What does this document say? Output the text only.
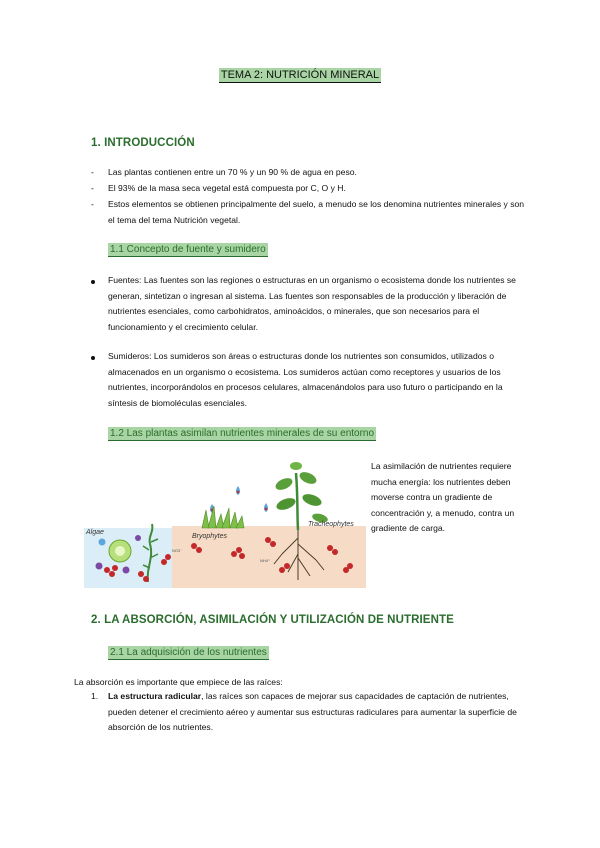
TEMA 2: NUTRICIÓN MINERAL
1. INTRODUCCIÓN
- Las plantas contienen entre un 70 % y un 90 % de agua en peso.
- El 93% de la masa seca vegetal está compuesta por C, O y H.
- Estos elementos se obtienen principalmente del suelo, a menudo se los denomina nutrientes minerales y son el tema del tema Nutrición vegetal.
1.1 Concepto de fuente y sumidero
Fuentes: Las fuentes son las regiones o estructuras en un organismo o ecosistema donde los nutrientes se generan, sintetizan o ingresan al sistema. Las fuentes son responsables de la producción y liberación de nutrientes esenciales, como carbohidratos, aminoácidos, o minerales, que son necesarios para el funcionamiento y el crecimiento celular.
Sumideros: Los sumideros son áreas o estructuras donde los nutrientes son consumidos, utilizados o almacenados en un organismo o ecosistema. Los sumideros actúan como receptores y usuarios de los nutrientes, incorporándolos en procesos celulares, almacenándolos para uso futuro o participando en la síntesis de biomoléculas esenciales.
1.2 Las plantas asimilan nutrientes minerales de su entorno
Algae
Bryophytes
Tracheophytes
NO3⁻
NH4⁺
La asimilación de nutrientes requiere mucha energía: los nutrientes deben moverse contra un gradiente de concentración y, a menudo, contra un gradiente de carga.
2. LA ABSORCIÓN, ASIMILACIÓN Y UTILIZACIÓN DE NUTRIENTE
2.1 La adquisición de los nutrientes
La absorción es importante que empiece de las raíces:
1. La estructura radicular, las raíces son capaces de mejorar sus capacidades de captación de nutrientes, pueden detener el crecimiento aéreo y aumentar sus estructuras radiculares para aumentar la superficie de absorción de los nutrientes.
